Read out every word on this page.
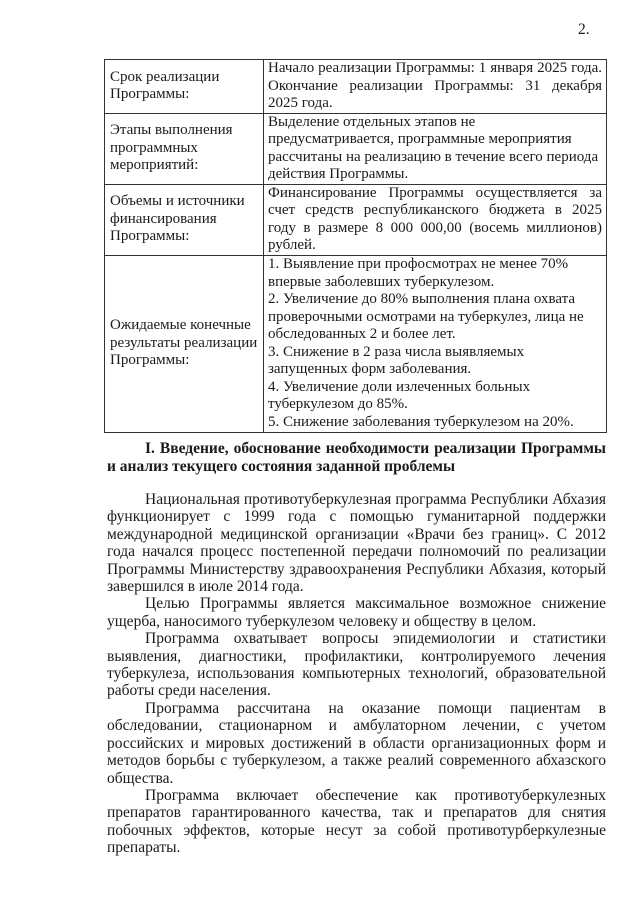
2.
Срок реализации Программы:	Начало реализации Программы: 1 января 2025 года. Окончание реализации Программы: 31 декабря 2025 года.
Этапы выполнения программных мероприятий:	Выделение отдельных этапов не предусматривается, программные мероприятия рассчитаны на реализацию в течение всего периода действия Программы.
Объемы и источники финансирования Программы:	Финансирование Программы осуществляется за счет средств республиканского бюджета в 2025 году в размере 8 000 000,00 (восемь миллионов) рублей.
Ожидаемые конечные результаты реализации Программы:	1. Выявление при профосмотрах не менее 70% впервые заболевших туберкулезом.
2. Увеличение до 80% выполнения плана охвата проверочными осмотрами на туберкулез, лица не обследованных 2 и более лет.
3. Снижение в 2 раза числа выявляемых запущенных форм заболевания.
4. Увеличение доли излеченных больных туберкулезом до 85%.
5. Снижение заболевания туберкулезом на 20%.
I. Введение, обоснование необходимости реализации Программы и анализ текущего состояния заданной проблемы

Национальная противотуберкулезная программа Республики Абхазия функционирует с 1999 года с помощью гуманитарной поддержки международной медицинской организации «Врачи без границ». С 2012 года начался процесс постепенной передачи полномочий по реализации Программы Министерству здравоохранения Республики Абхазия, который завершился в июле 2014 года.

Целью Программы является максимальное возможное снижение ущерба, наносимого туберкулезом человеку и обществу в целом.

Программа охватывает вопросы эпидемиологии и статистики выявления, диагностики, профилактики, контролируемого лечения туберкулеза, использования компьютерных технологий, образовательной работы среди населения.

Программа рассчитана на оказание помощи пациентам в обследовании, стационарном и амбулаторном лечении, с учетом российских и мировых достижений в области организационных форм и методов борьбы с туберкулезом, а также реалий современного абхазского общества.

Программа включает обеспечение как противотуберкулезных препаратов гарантированного качества, так и препаратов для снятия побочных эффектов, которые несут за собой противотурберкулезные препараты.
